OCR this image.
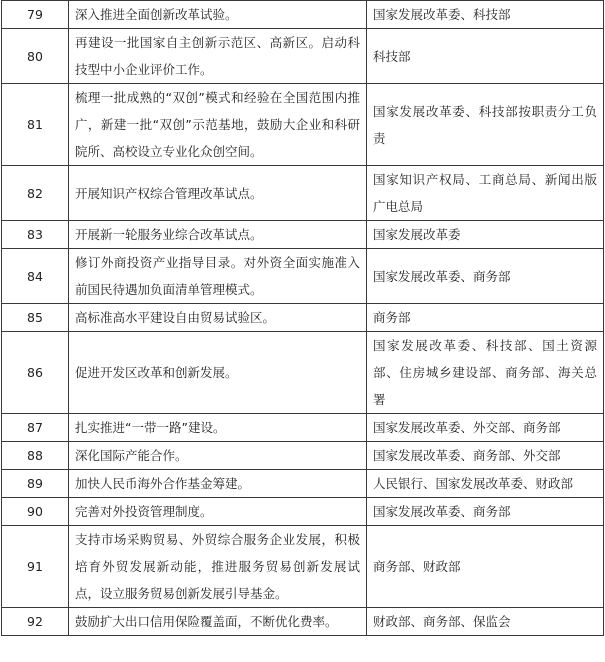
79	深入推进全面创新改革试验。	国家发展改革委、科技部
80	再建设一批国家自主创新示范区、高新区。启动科技型中小企业评价工作。	科技部
81	梳理一批成熟的“双创”模式和经验在全国范围内推广，新建一批“双创”示范基地，鼓励大企业和科研院所、高校设立专业化众创空间。	国家发展改革委、科技部按职责分工负责
82	开展知识产权综合管理改革试点。	国家知识产权局、工商总局、新闻出版广电总局
83	开展新一轮服务业综合改革试点。	国家发展改革委
84	修订外商投资产业指导目录。对外资全面实施准入前国民待遇加负面清单管理模式。	国家发展改革委、商务部
85	高标准高水平建设自由贸易试验区。	商务部
86	促进开发区改革和创新发展。	国家发展改革委、科技部、国土资源部、住房城乡建设部、商务部、海关总署
87	扎实推进“一带一路”建设。	国家发展改革委、外交部、商务部
88	深化国际产能合作。	国家发展改革委、商务部、外交部
89	加快人民币海外合作基金筹建。	人民银行、国家发展改革委、财政部
90	完善对外投资管理制度。	国家发展改革委、商务部
91	支持市场采购贸易、外贸综合服务企业发展，积极培育外贸发展新动能，推进服务贸易创新发展试点，设立服务贸易创新发展引导基金。	商务部、财政部
92	鼓励扩大出口信用保险覆盖面，不断优化费率。	财政部、商务部、保监会
